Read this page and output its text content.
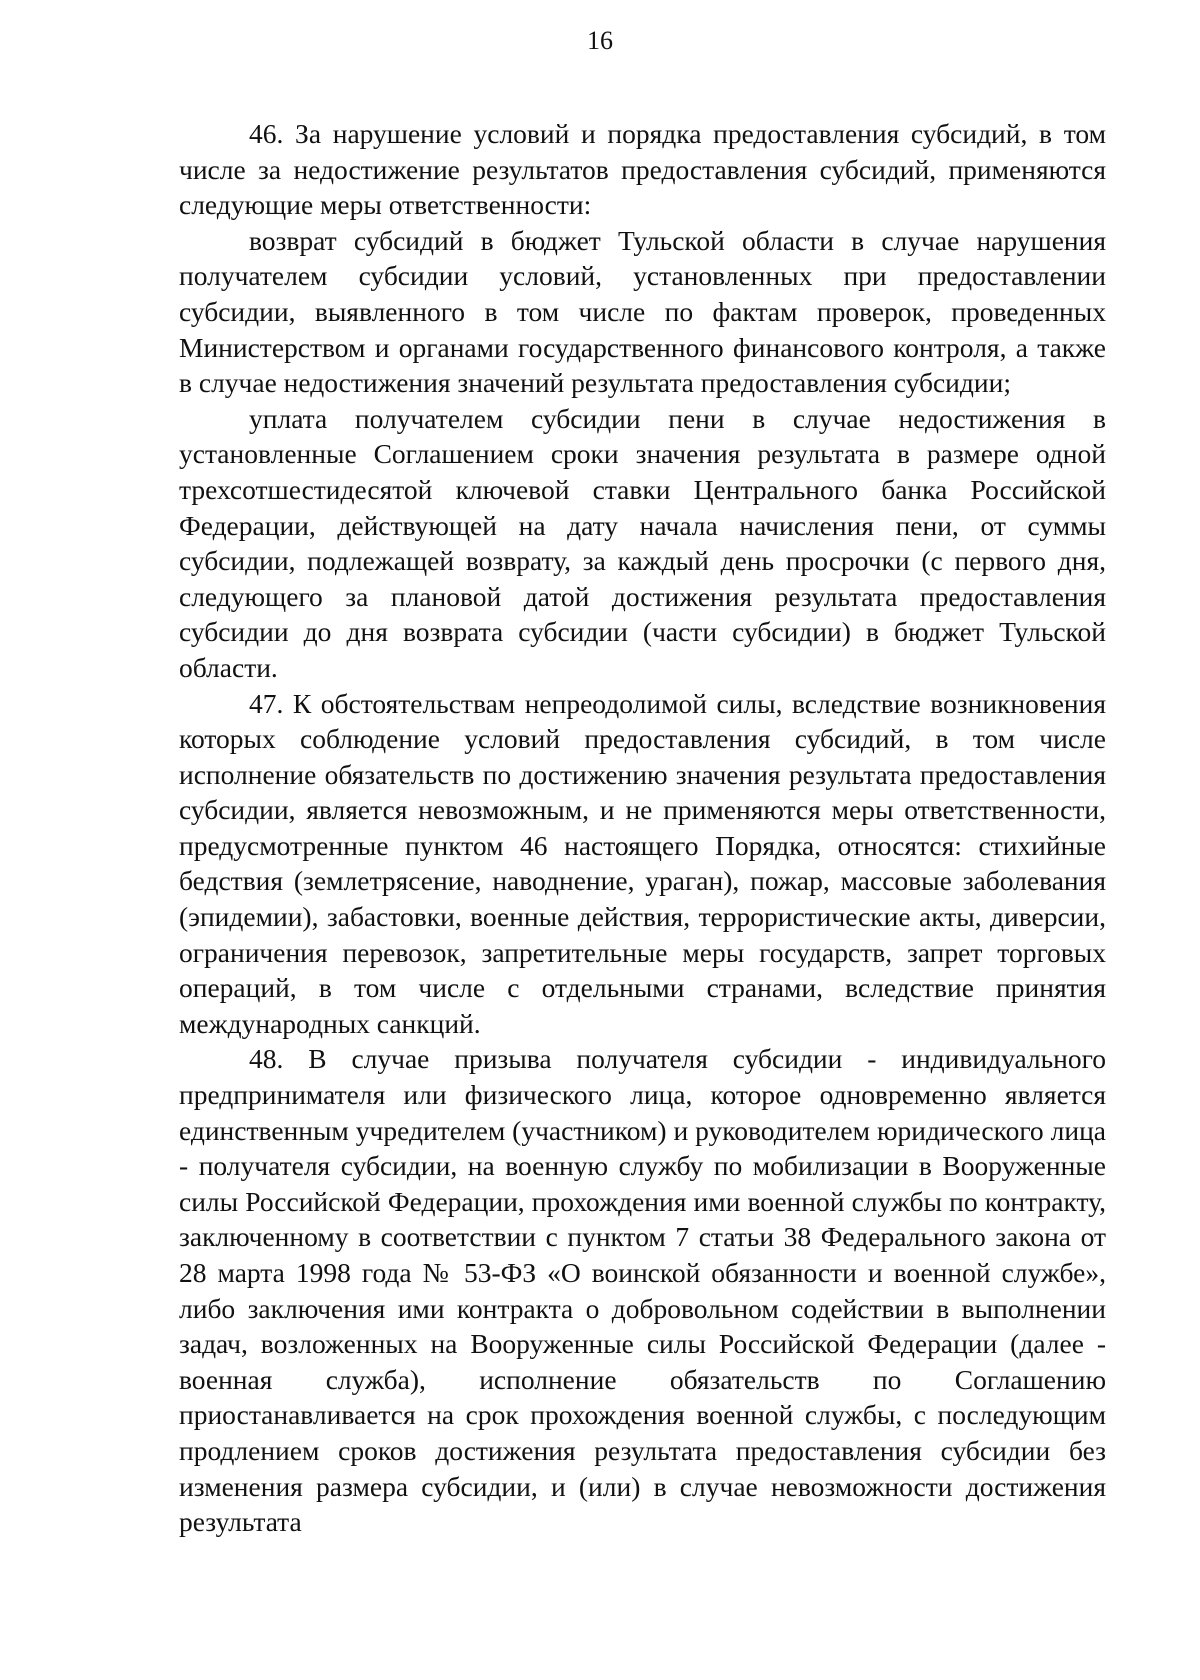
16

46. За нарушение условий и порядка предоставления субсидий, в том числе за недостижение результатов предоставления субсидий, применяются следующие меры ответственности:

возврат субсидий в бюджет Тульской области в случае нарушения получателем субсидии условий, установленных при предоставлении субсидии, выявленного в том числе по фактам проверок, проведенных Министерством и органами государственного финансового контроля, а также в случае недостижения значений результата предоставления субсидии;

уплата получателем субсидии пени в случае недостижения в установленные Соглашением сроки значения результата в размере одной трехсотшестидесятой ключевой ставки Центрального банка Российской Федерации, действующей на дату начала начисления пени, от суммы субсидии, подлежащей возврату, за каждый день просрочки (с первого дня, следующего за плановой датой достижения результата предоставления субсидии до дня возврата субсидии (части субсидии) в бюджет Тульской области.

47. К обстоятельствам непреодолимой силы, вследствие возникновения которых соблюдение условий предоставления субсидий, в том числе исполнение обязательств по достижению значения результата предоставления субсидии, является невозможным, и не применяются меры ответственности, предусмотренные пунктом 46 настоящего Порядка, относятся: стихийные бедствия (землетрясение, наводнение, ураган), пожар, массовые заболевания (эпидемии), забастовки, военные действия, террористические акты, диверсии, ограничения перевозок, запретительные меры государств, запрет торговых операций, в том числе с отдельными странами, вследствие принятия международных санкций.

48. В случае призыва получателя субсидии - индивидуального предпринимателя или физического лица, которое одновременно является единственным учредителем (участником) и руководителем юридического лица - получателя субсидии, на военную службу по мобилизации в Вооруженные силы Российской Федерации, прохождения ими военной службы по контракту, заключенному в соответствии с пунктом 7 статьи 38 Федерального закона от 28 марта 1998 года № 53-ФЗ «О воинской обязанности и военной службе», либо заключения ими контракта о добровольном содействии в выполнении задач, возложенных на Вооруженные силы Российской Федерации (далее - военная служба), исполнение обязательств по Соглашению приостанавливается на срок прохождения военной службы, с последующим продлением сроков достижения результата предоставления субсидии без изменения размера субсидии, и (или) в случае невозможности достижения результата
